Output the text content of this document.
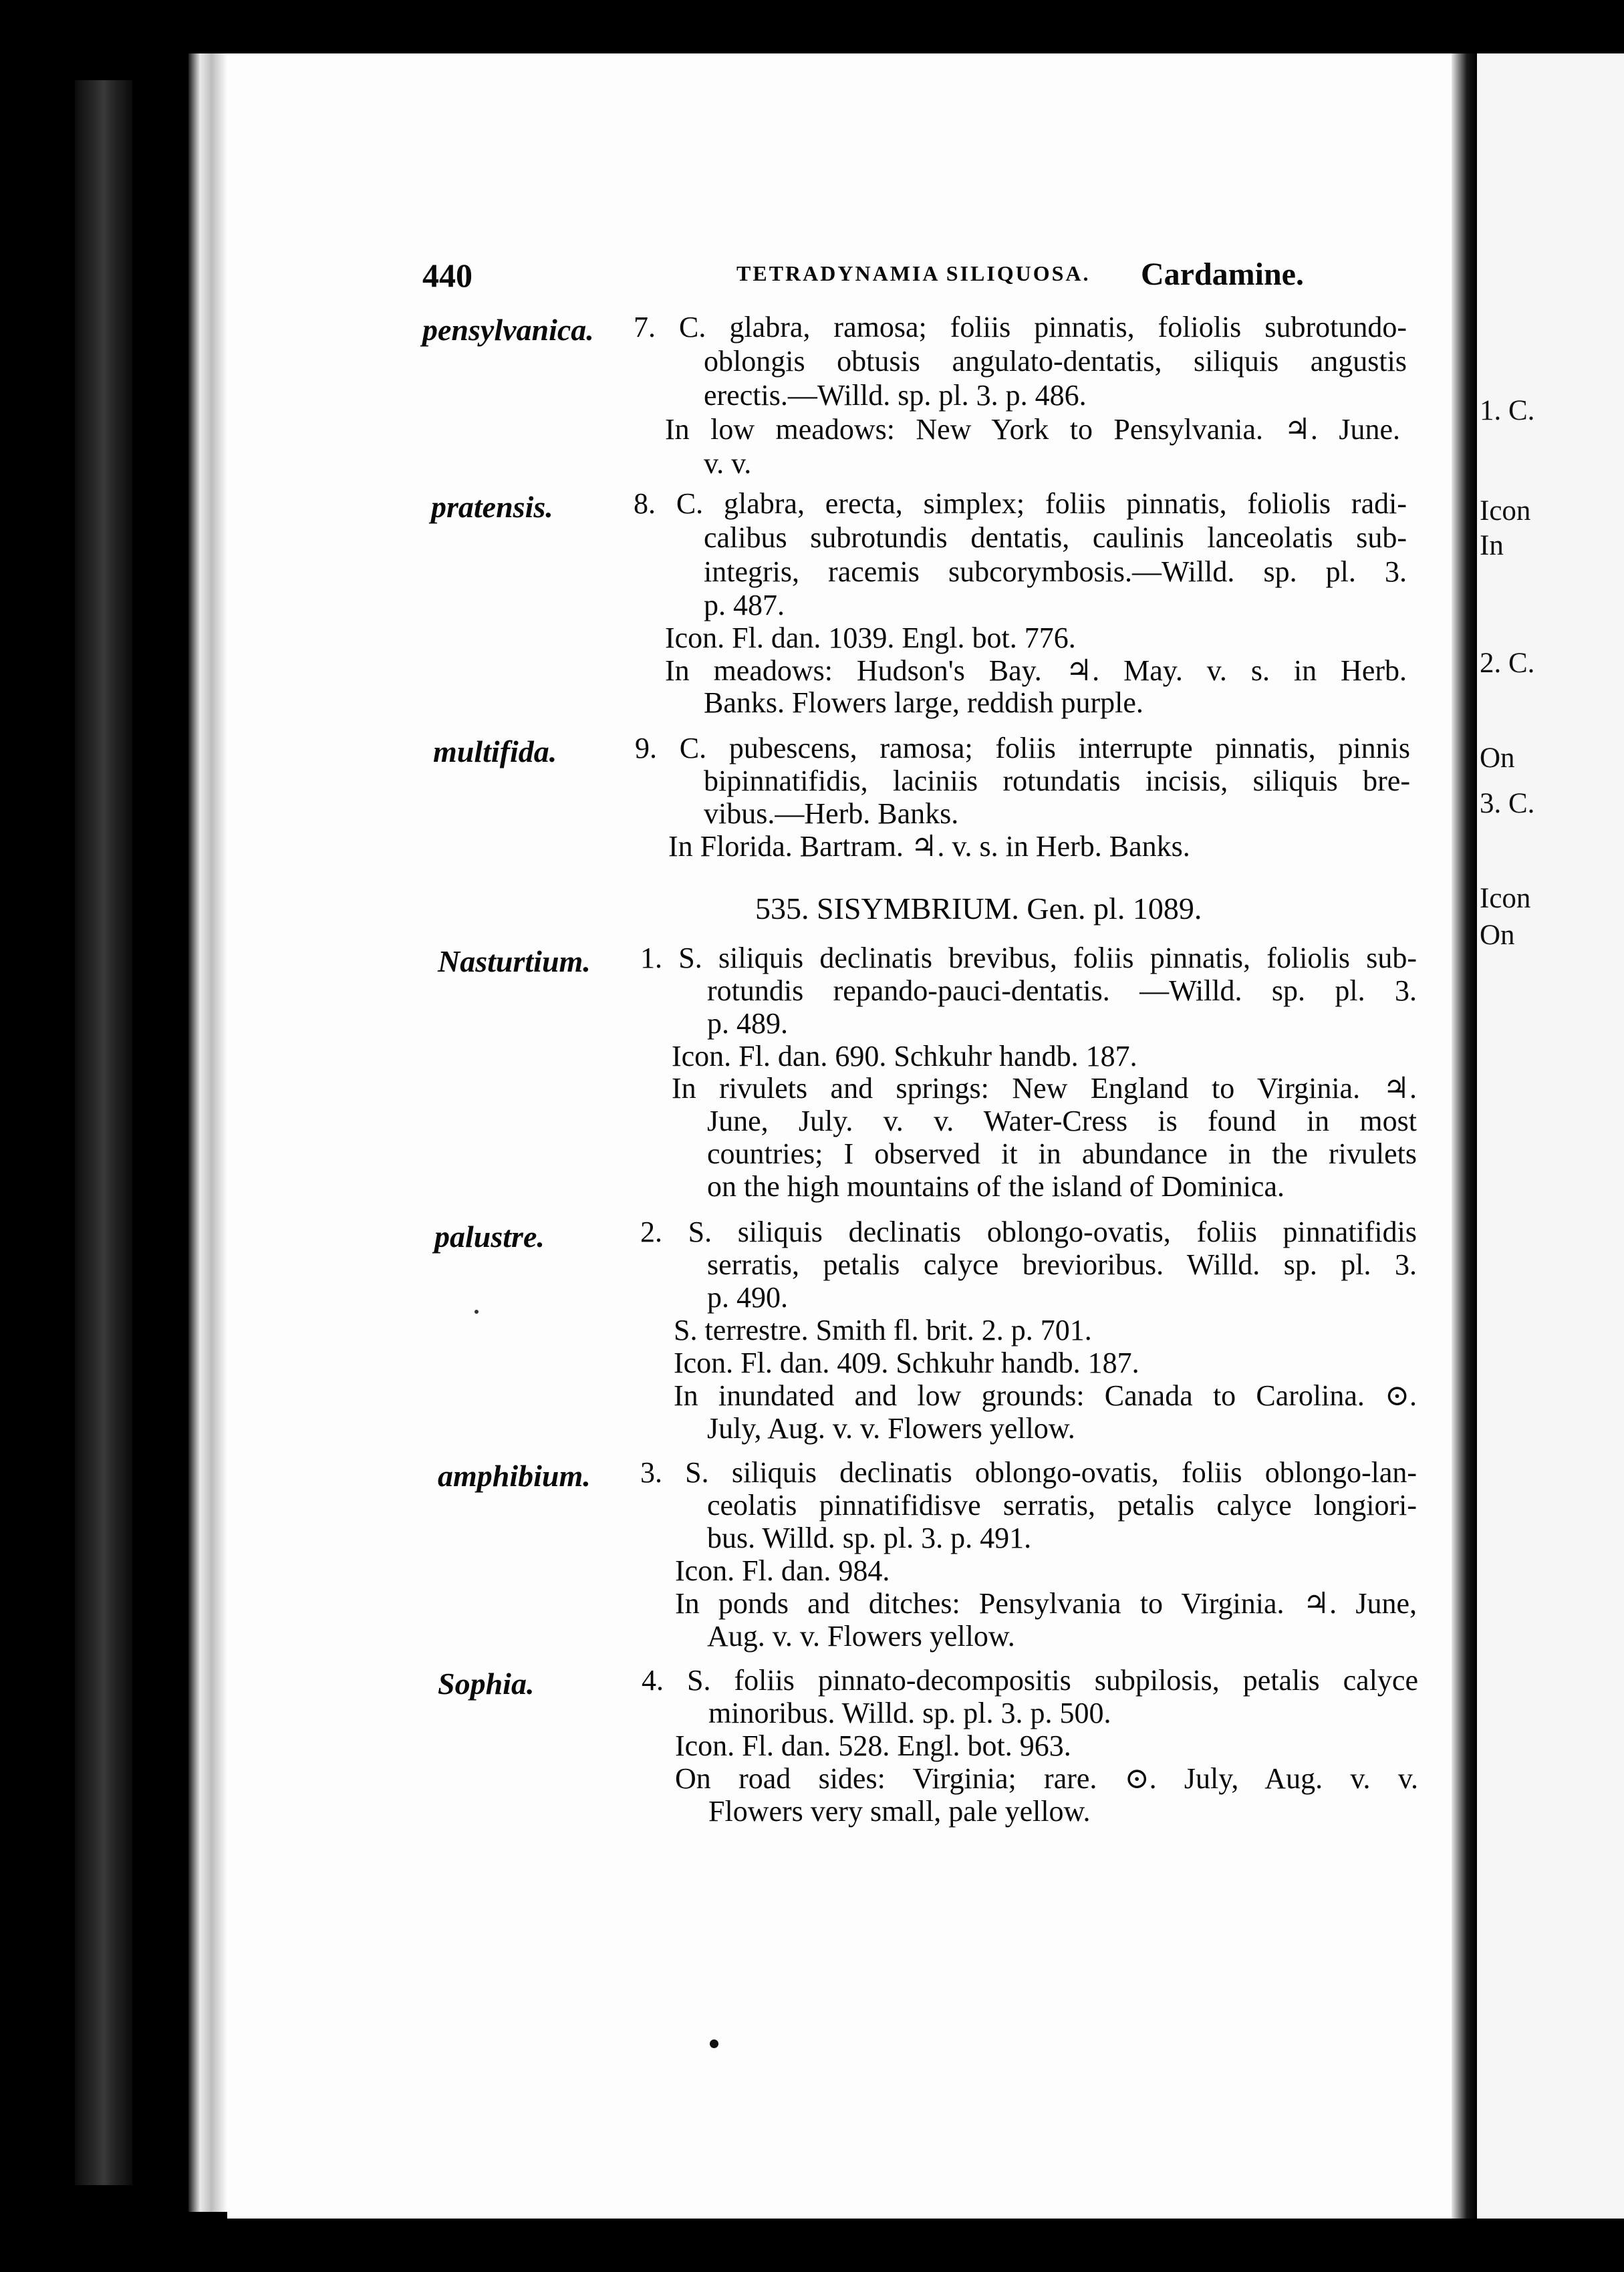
1. C.
Icon
In
2. C.
On
3. C.
Icon
On
440	TETRADYNAMIA SILIQUOSA. Cardamine.
pensylvanica. 7. C. glabra, ramosa; foliis pinnatis, foliolis subrotundo-
oblongis obtusis angulato-dentatis, siliquis angustis
erectis.—Willd. sp. pl. 3. p. 486.
In low meadows: New York to Pensylvania. ♃. June.
v. v.
pratensis.	8. C. glabra, erecta, simplex; foliis pinnatis, foliolis radi-
calibus subrotundis dentatis, caulinis lanceolatis sub-
integris, racemis subcorymbosis.—Willd. sp. pl. 3.
p. 487.
Icon. Fl. dan. 1039. Engl. bot. 776.
In meadows: Hudson's Bay. ♃. May. v. s. in Herb.
Banks. Flowers large, reddish purple.
multifida.	9. C. pubescens, ramosa; foliis interrupte pinnatis, pinnis
bipinnatifidis, laciniis rotundatis incisis, siliquis bre-
vibus.—Herb. Banks.
In Florida. Bartram. ♃. v. s. in Herb. Banks.
535. SISYMBRIUM. Gen. pl. 1089.
Nasturtium. 1. S. siliquis declinatis brevibus, foliis pinnatis, foliolis sub-
rotundis repando-pauci-dentatis. —Willd. sp. pl. 3.
p. 489.
Icon. Fl. dan. 690. Schkuhr handb. 187.
In rivulets and springs: New England to Virginia. ♃.
June, July. v. v. Water-Cress is found in most
countries; I observed it in abundance in the rivulets
on the high mountains of the island of Dominica.
palustre.	2. S. siliquis declinatis oblongo-ovatis, foliis pinnatifidis
serratis, petalis calyce brevioribus. Willd. sp. pl. 3.
p. 490.
S. terrestre. Smith fl. brit. 2. p. 701.
Icon. Fl. dan. 409. Schkuhr handb. 187.
In inundated and low grounds: Canada to Carolina. ⊙.
July, Aug. v. v. Flowers yellow.
amphibium. 3. S. siliquis declinatis oblongo-ovatis, foliis oblongo-lan-
ceolatis pinnatifidisve serratis, petalis calyce longiori-
bus. Willd. sp. pl. 3. p. 491.
Icon. Fl. dan. 984.
In ponds and ditches: Pensylvania to Virginia. ♃. June,
Aug. v. v. Flowers yellow.
Sophia.	4. S. foliis pinnato-decompositis subpilosis, petalis calyce
minoribus. Willd. sp. pl. 3. p. 500.
Icon. Fl. dan. 528. Engl. bot. 963.
On road sides: Virginia; rare. ⊙. July, Aug. v. v.
Flowers very small, pale yellow.
